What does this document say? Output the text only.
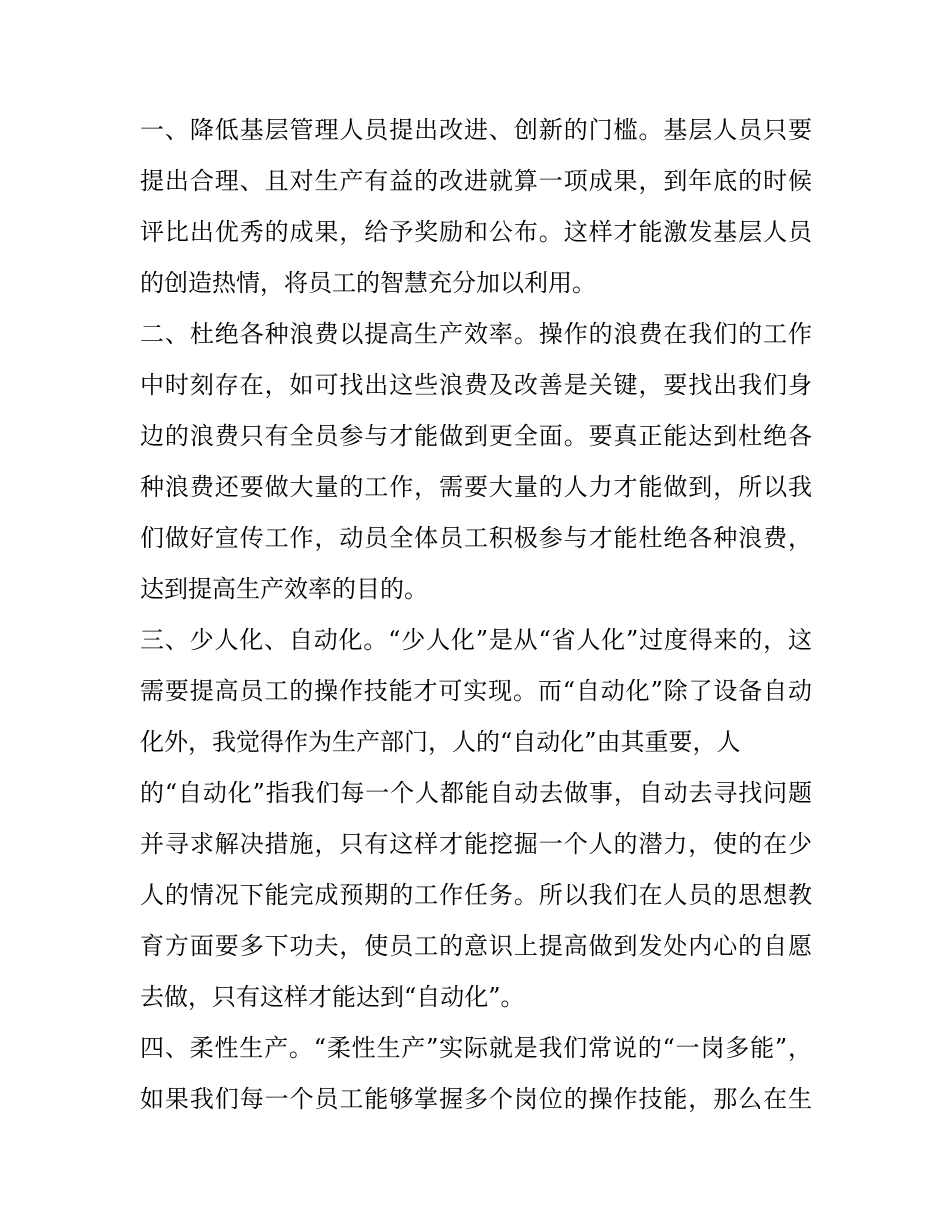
一、降低基层管理人员提出改进、创新的门槛。基层人员只要
提出合理、且对生产有益的改进就算一项成果，到年底的时候
评比出优秀的成果，给予奖励和公布。这样才能激发基层人员
的创造热情，将员工的智慧充分加以利用。
二、杜绝各种浪费以提高生产效率。操作的浪费在我们的工作
中时刻存在，如可找出这些浪费及改善是关键，要找出我们身
边的浪费只有全员参与才能做到更全面。要真正能达到杜绝各
种浪费还要做大量的工作，需要大量的人力才能做到，所以我
们做好宣传工作，动员全体员工积极参与才能杜绝各种浪费，
达到提高生产效率的目的。
三、少人化、自动化。“少人化”是从“省人化”过度得来的，这
需要提高员工的操作技能才可实现。而“自动化”除了设备自动
化外，我觉得作为生产部门，人的“自动化”由其重要，人
的“自动化”指我们每一个人都能自动去做事，自动去寻找问题
并寻求解决措施，只有这样才能挖掘一个人的潜力，使的在少
人的情况下能完成预期的工作任务。所以我们在人员的思想教
育方面要多下功夫，使员工的意识上提高做到发处内心的自愿
去做，只有这样才能达到“自动化”。
四、柔性生产。“柔性生产”实际就是我们常说的“一岗多能”，
如果我们每一个员工能够掌握多个岗位的操作技能，那么在生
